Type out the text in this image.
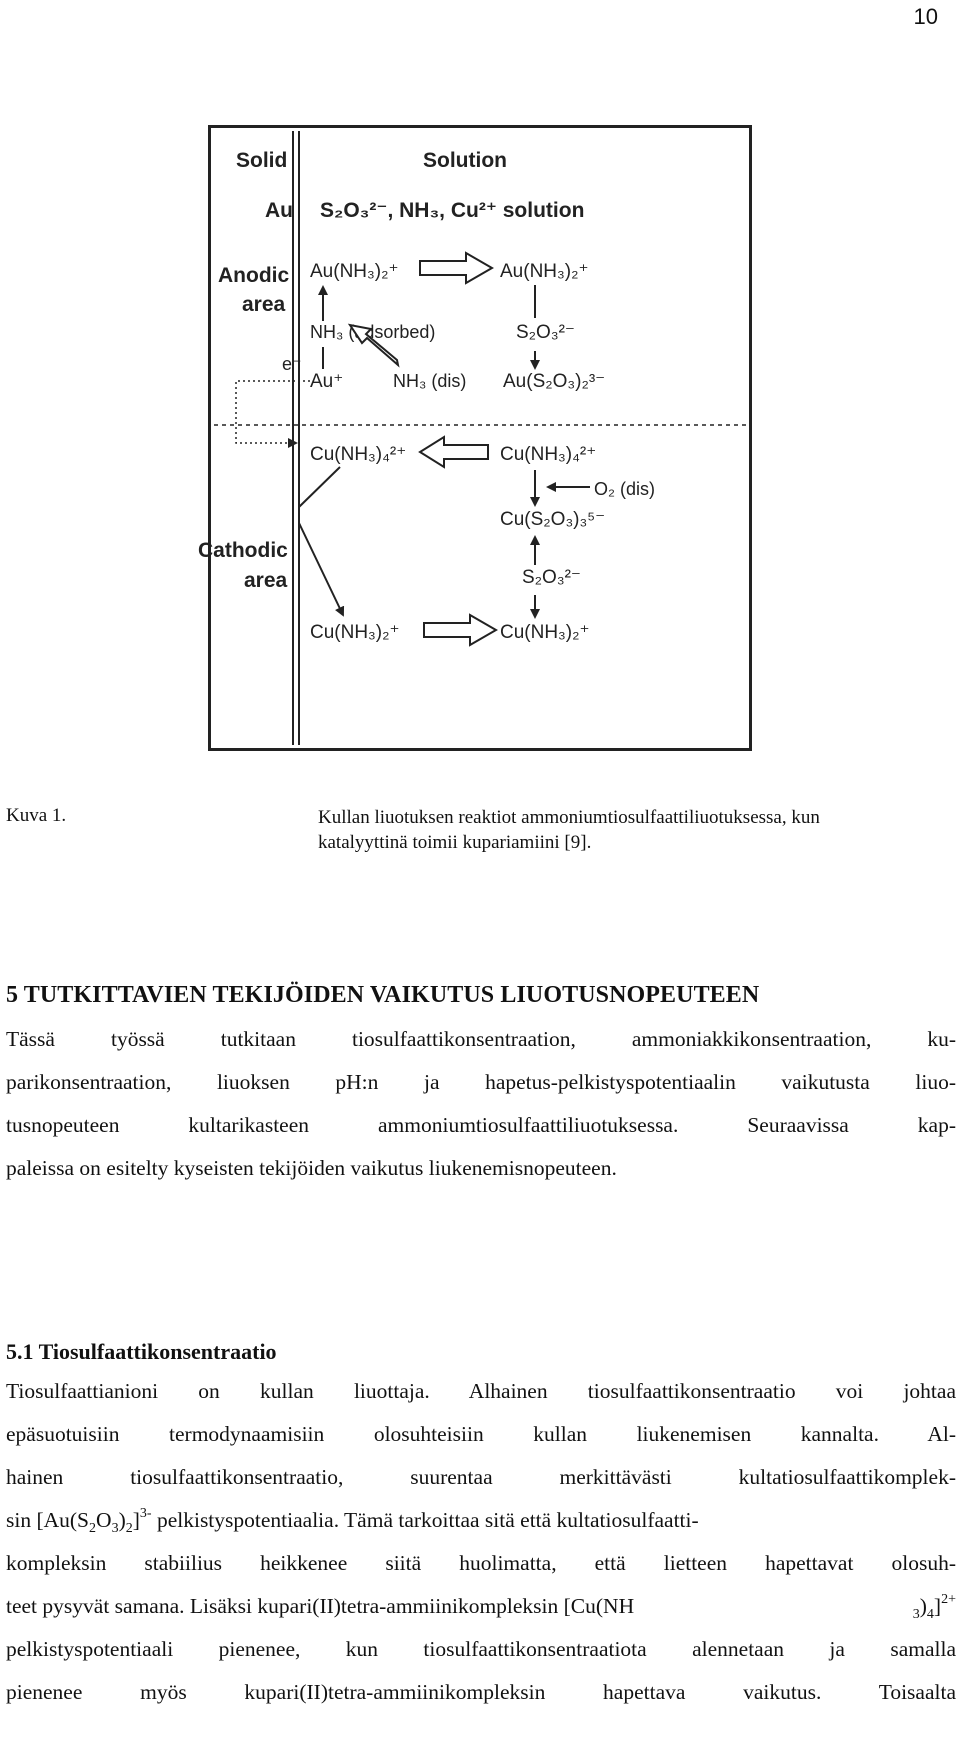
10
Solid	Solution
Au S₂O₃²⁻, NH₃, Cu²⁺ solution
Anodic
area
Cathodic
area
Au(NH₃)₂⁺	Au(NH₃)₂⁺
NH₃ (adsorbed)	S₂O₃²⁻
e⁻
Au⁺	NH₃ (dis) Au(S₂O₃)₂³⁻
Cu(NH₃)₄²⁺	Cu(NH₃)₄²⁺
O₂ (dis)
Cu(S₂O₃)₃⁵⁻
S₂O₃²⁻
Cu(NH₃)₂⁺	Cu(NH₃)₂⁺
Kuva 1.	Kullan liuotuksen reaktiot ammoniumtiosulfaattiliuotuksessa, kun
katalyyttinä toimii kupariamiini [9].
5 TUTKITTAVIEN TEKIJÖIDEN VAIKUTUS LIUOTUSNOPEUTEEN
Tässä työssä tutkitaan tiosulfaattikonsentraation, ammoniakkikonsentraation, ku-
parikonsentraation, liuoksen pH:n ja hapetus-pelkistyspotentiaalin vaikutusta liuo-
tusnopeuteen kultarikasteen ammoniumtiosulfaattiliuotuksessa. Seuraavissa kap-
paleissa on esitelty kyseisten tekijöiden vaikutus liukenemisnopeuteen.
5.1 Tiosulfaattikonsentraatio
Tiosulfaattianioni on kullan liuottaja. Alhainen tiosulfaattikonsentraatio voi johtaa
epäsuotuisiin termodynaamisiin olosuhteisiin kullan liukenemisen kannalta. Al-
hainen tiosulfaattikonsentraatio, suurentaa merkittävästi kultatiosulfaattikomplek-
$\sin [Au(S_2O_3)_2]^{3-}$ pelkistyspotentiaalia. Tämä tarkoittaa sitä että kultatiosulfaatti-
kompleksin stabiilius heikkenee siitä huolimatta, että lietteen hapettavat olosuh-
teet pysyvät samana. Lisäksi kupari(II)tetra-ammiinikompleksin [Cu(NH	$_3)_4]^{2+}$
pelkistyspotentiaali pienenee, kun tiosulfaattikonsentraatiota alennetaan ja samalla
pienenee myös kupari(II)tetra-ammiinikompleksin hapettava vaikutus. Toisaalta
